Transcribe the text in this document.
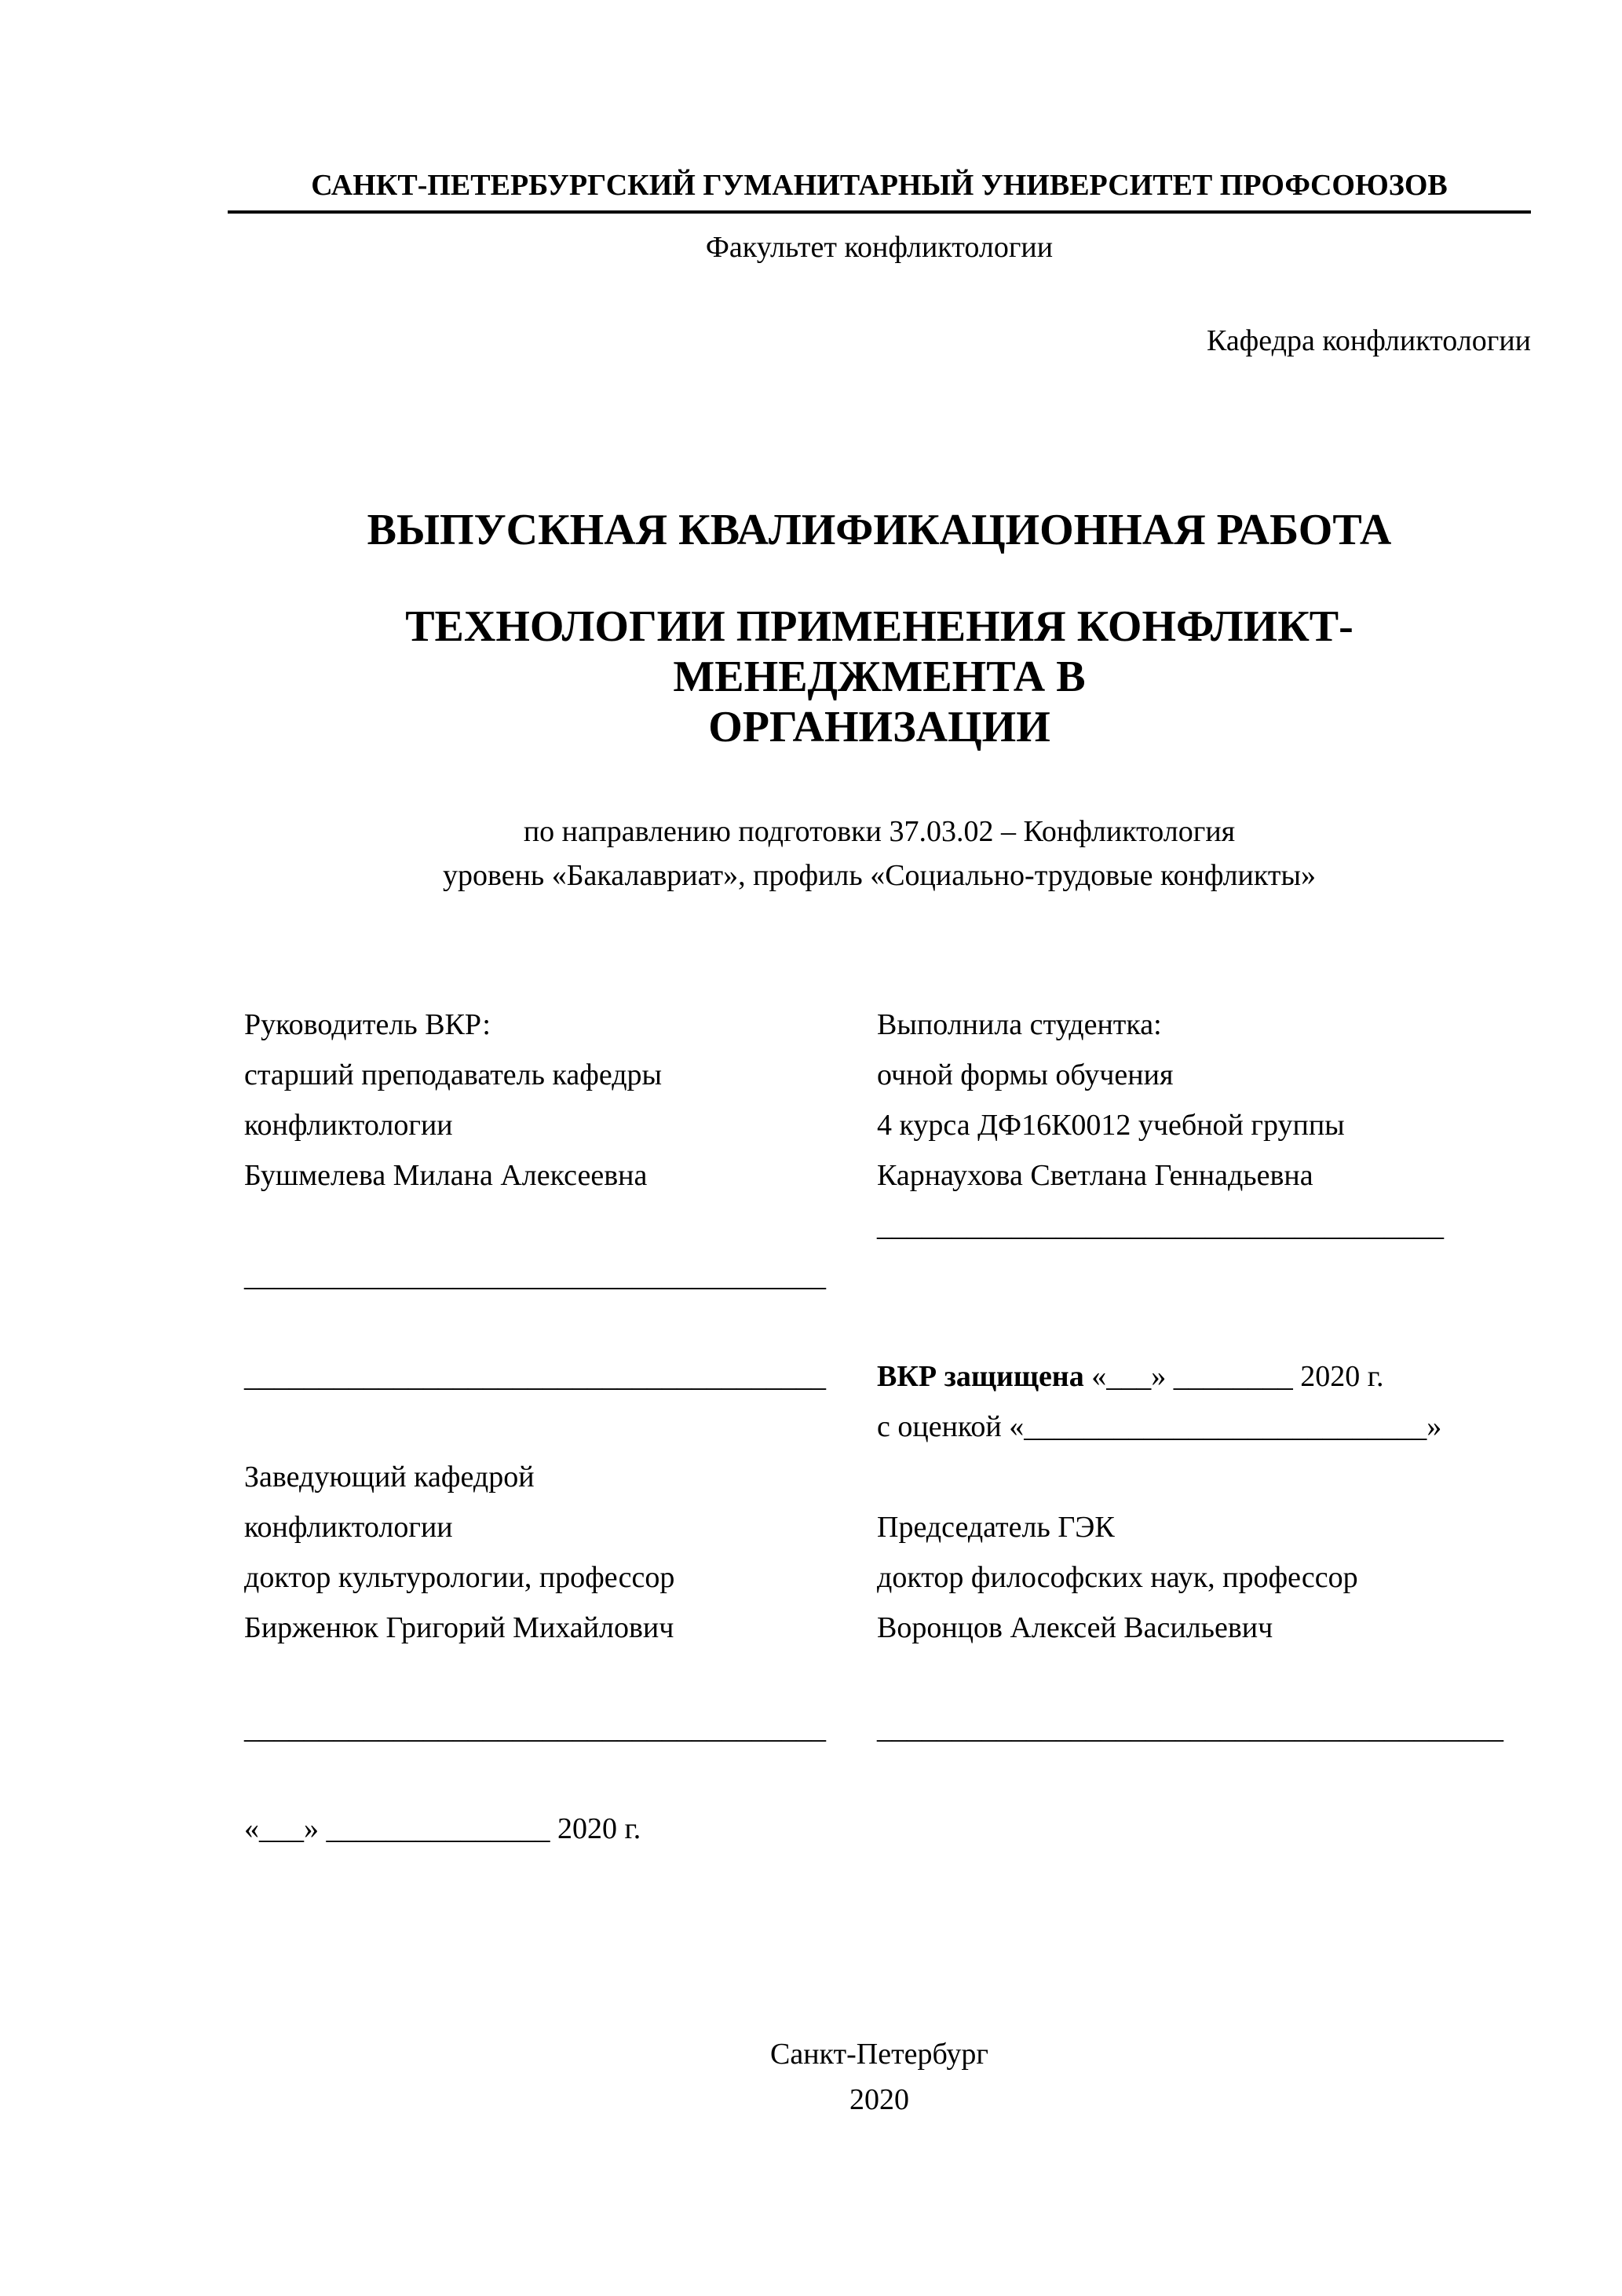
САНКТ-ПЕТЕРБУРГСКИЙ ГУМАНИТАРНЫЙ УНИВЕРСИТЕТ ПРОФСОЮЗОВ
Факультет конфликтологии
Кафедра конфликтологии
ВЫПУСКНАЯ КВАЛИФИКАЦИОННАЯ РАБОТА
ТЕХНОЛОГИИ ПРИМЕНЕНИЯ КОНФЛИКТ-МЕНЕДЖМЕНТА В
ОРГАНИЗАЦИИ
по направлению подготовки 37.03.02 – Конфликтология
уровень «Бакалавриат», профиль «Социально-трудовые конфликты»
Руководитель ВКР:
старший преподаватель кафедры
конфликтологии
Бушмелева Милана Алексеевна
_______________________________________
_______________________________________
Заведующий кафедрой
конфликтологии
доктор культурологии, профессор
Бирженюк Григорий Михайлович
_______________________________________
«___» _______________ 2020 г.
Выполнила студентка:
очной формы обучения
4 курса ДФ16К0012 учебной группы
Карнаухова Светлана Геннадьевна
______________________________________
ВКР защищена «___» ________ 2020 г.
с оценкой «___________________________»
Председатель ГЭК
доктор философских наук, профессор
Воронцов Алексей Васильевич
__________________________________________
Санкт-Петербург
2020
